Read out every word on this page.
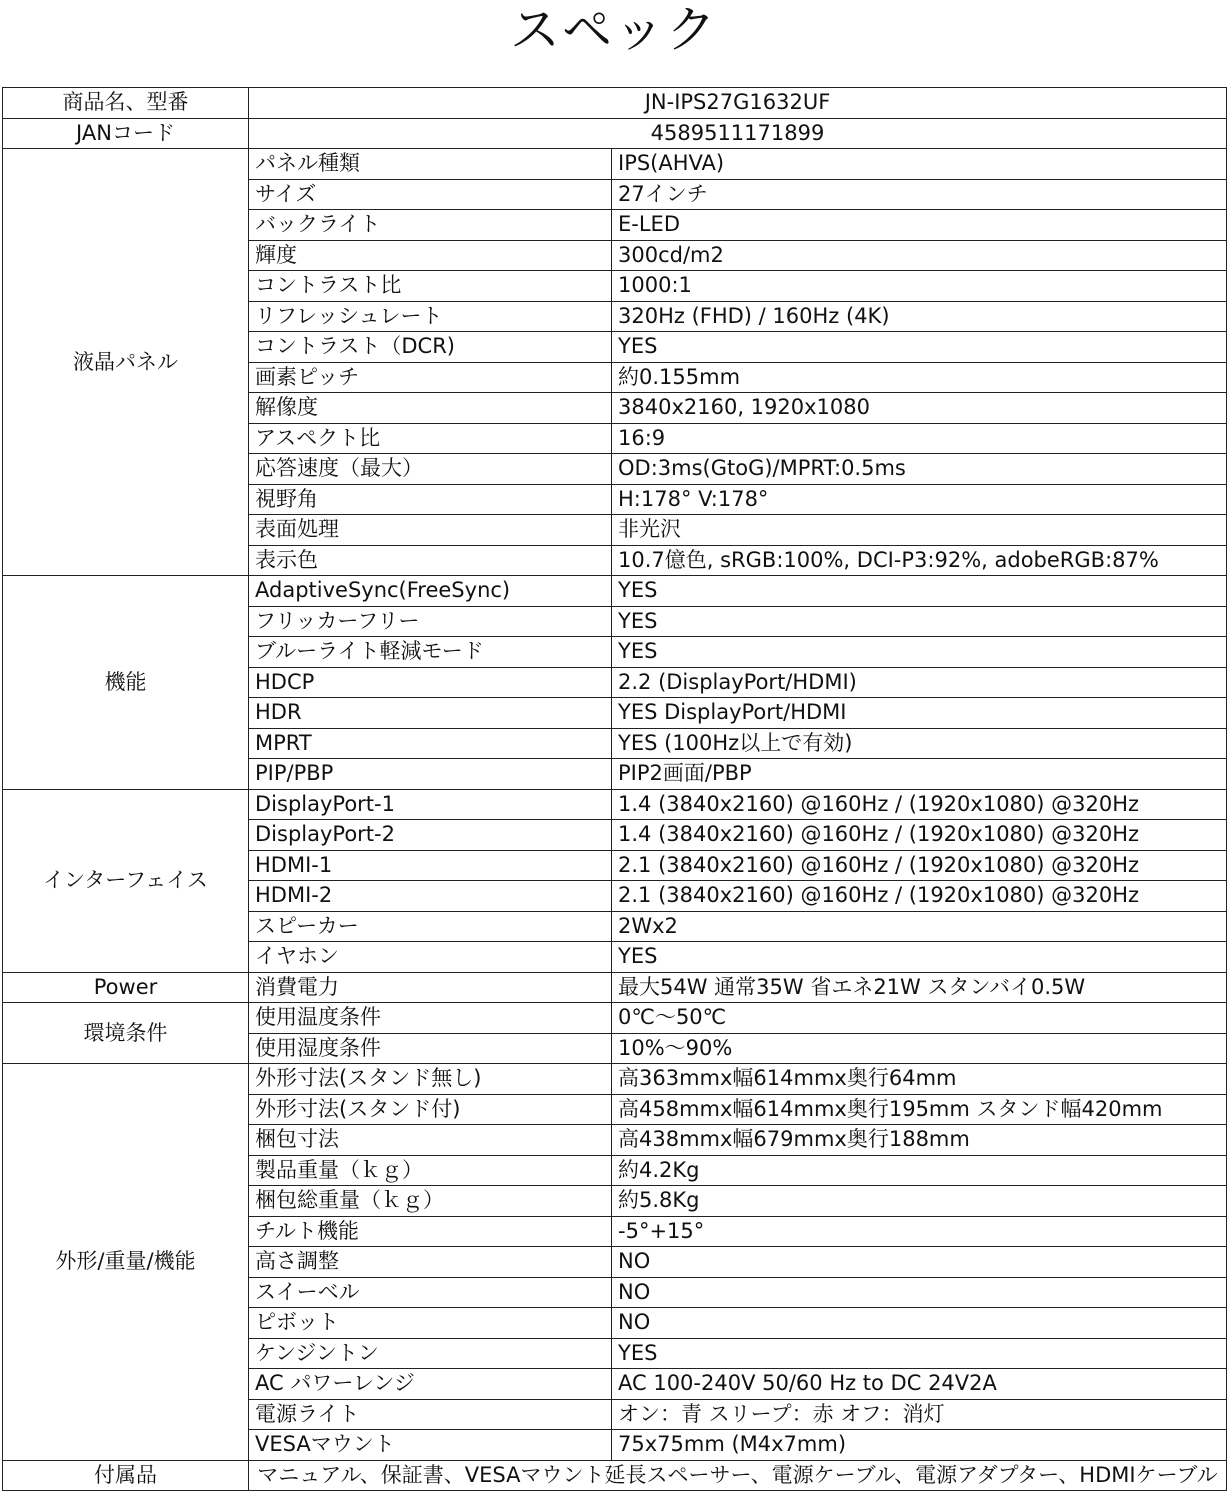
スペック
商品名、型番	JN-IPS27G1632UF	
JANコード	4589511171899	
液晶パネル	パネル種類	IPS(AHVA)
	サイズ	27インチ
	バックライト	E-LED
	輝度	300cd/m2
	コントラスト比	1000:1
	リフレッシュレート	320Hz (FHD) / 160Hz (4K)
	コントラスト（DCR)	YES
	画素ピッチ	約0.155mm
	解像度	3840x2160, 1920x1080
	アスペクト比	16:9
	応答速度（最大）	OD:3ms(GtoG)/MPRT:0.5ms
	視野角	H:178° V:178°
	表面処理	非光沢
	表示色	10.7億色, sRGB:100%, DCI-P3:92%, adobeRGB:87%
機能	AdaptiveSync(FreeSync)	YES
	フリッカーフリー	YES
	ブルーライト軽減モード	YES
	HDCP	2.2 (DisplayPort/HDMI)
	HDR	YES DisplayPort/HDMI
	MPRT	YES (100Hz以上で有効)
	PIP/PBP	PIP2画面/PBP
インターフェイス	DisplayPort-1	1.4 (3840x2160) @160Hz / (1920x1080) @320Hz
	DisplayPort-2	1.4 (3840x2160) @160Hz / (1920x1080) @320Hz
	HDMI-1	2.1 (3840x2160) @160Hz / (1920x1080) @320Hz
	HDMI-2	2.1 (3840x2160) @160Hz / (1920x1080) @320Hz
	スピーカー	2Wx2
	イヤホン	YES
Power	消費電力	最大54W 通常35W 省エネ21W スタンバイ0.5W
環境条件	使用温度条件	0℃～50℃
	使用湿度条件	10%～90%
外形/重量/機能	外形寸法(スタンド無し)	高363mmx幅614mmx奥行64mm
	外形寸法(スタンド付)	高458mmx幅614mmx奥行195mm スタンド幅420mm
	梱包寸法	高438mmx幅679mmx奥行188mm
	製品重量（ｋｇ）	約4.2Kg
	梱包総重量（ｋｇ）	約5.8Kg
	チルト機能	-5°+15°
	高さ調整	NO
	スイーベル	NO
	ピボット	NO
	ケンジントン	YES
	AC パワーレンジ	AC 100-240V 50/60 Hz to DC 24V2A
	電源ライト	オン：青 スリープ：赤 オフ：消灯
	VESAマウント	75x75mm (M4x7mm)
付属品	マニュアル、保証書、VESAマウント延長スペーサー、電源ケーブル、電源アダプター、HDMIケーブル	
